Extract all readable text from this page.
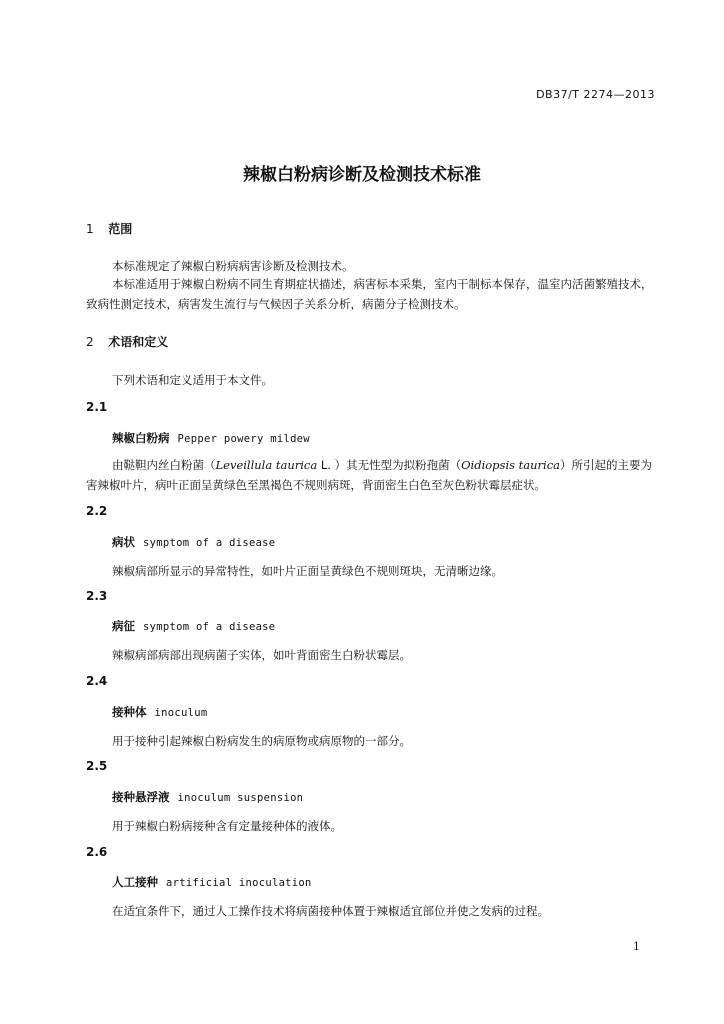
DB37/T 2274—2013
辣椒白粉病诊断及检测技术标准
1 范围
本标准规定了辣椒白粉病病害诊断及检测技术。
本标准适用于辣椒白粉病不同生育期症状描述，病害标本采集，室内干制标本保存，温室内活菌繁殖技术，致病性测定技术，病害发生流行与气候因子关系分析，病菌分子检测技术。
2 术语和定义
下列术语和定义适用于本文件。
2.1
辣椒白粉病 Pepper powery mildew
由鞑靼内丝白粉菌（Leveillula taurica L. ）其无性型为拟粉孢菌（Oidiopsis taurica）所引起的主要为害辣椒叶片，病叶正面呈黄绿色至黑褐色不规则病斑，背面密生白色至灰色粉状霉层症状。
2.2
病状 symptom of a disease
辣椒病部所显示的异常特性，如叶片正面呈黄绿色不规则斑块，无清晰边缘。
2.3
病征 symptom of a disease
辣椒病部病部出现病菌子实体，如叶背面密生白粉状霉层。
2.4
接种体 inoculum
用于接种引起辣椒白粉病发生的病原物或病原物的一部分。
2.5
接种悬浮液 inoculum suspension
用于辣椒白粉病接种含有定量接种体的液体。
2.6
人工接种 artificial inoculation
在适宜条件下，通过人工操作技术将病菌接种体置于辣椒适宜部位并使之发病的过程。
1
